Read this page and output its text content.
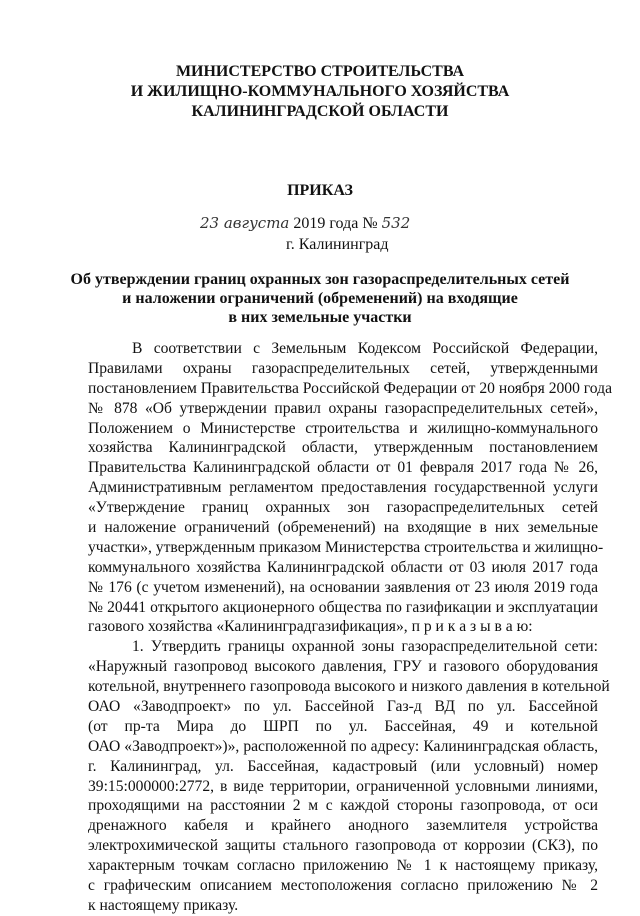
МИНИСТЕРСТВО СТРОИТЕЛЬСТВА
И ЖИЛИЩНО-КОММУНАЛЬНОГО ХОЗЯЙСТВА
КАЛИНИНГРАДСКОЙ ОБЛАСТИ
ПРИКАЗ
23 августа 2019 года № 532
г. Калининград
Об утверждении границ охранных зон газораспределительных сетей
и наложении ограничений (обременений) на входящие
в них земельные участки
В соответствии с Земельным Кодексом Российской Федерации,
Правилами охраны газораспределительных сетей, утвержденными
постановлением Правительства Российской Федерации от 20 ноября 2000 года
№ 878 «Об утверждении правил охраны газораспределительных сетей»,
Положением о Министерстве строительства и жилищно-коммунального
хозяйства Калининградской области, утвержденным постановлением
Правительства Калининградской области от 01 февраля 2017 года № 26,
Административным регламентом предоставления государственной услуги
«Утверждение границ охранных зон газораспределительных сетей
и наложение ограничений (обременений) на входящие в них земельные
участки», утвержденным приказом Министерства строительства и жилищно-
коммунального хозяйства Калининградской области от 03 июля 2017 года
№ 176 (с учетом изменений), на основании заявления от 23 июля 2019 года
№ 20441 открытого акционерного общества по газификации и эксплуатации
газового хозяйства «Калининградгазификация», п р и к а з ы в а ю:
1. Утвердить границы охранной зоны газораспределительной сети:
«Наружный газопровод высокого давления, ГРУ и газового оборудования
котельной, внутреннего газопровода высокого и низкого давления в котельной
ОАО «Заводпроект» по ул. Бассейной Газ-д ВД по ул. Бассейной
(от пр-та Мира до ШРП по ул. Бассейная, 49 и котельной
ОАО «Заводпроект»)», расположенной по адресу: Калининградская область,
г. Калининград, ул. Бассейная, кадастровый (или условный) номер
39:15:000000:2772, в виде территории, ограниченной условными линиями,
проходящими на расстоянии 2 м с каждой стороны газопровода, от оси
дренажного кабеля и крайнего анодного заземлителя устройства
электрохимической защиты стального газопровода от коррозии (СКЗ), по
характерным точкам согласно приложению № 1 к настоящему приказу,
с графическим описанием местоположения согласно приложению № 2
к настоящему приказу.
